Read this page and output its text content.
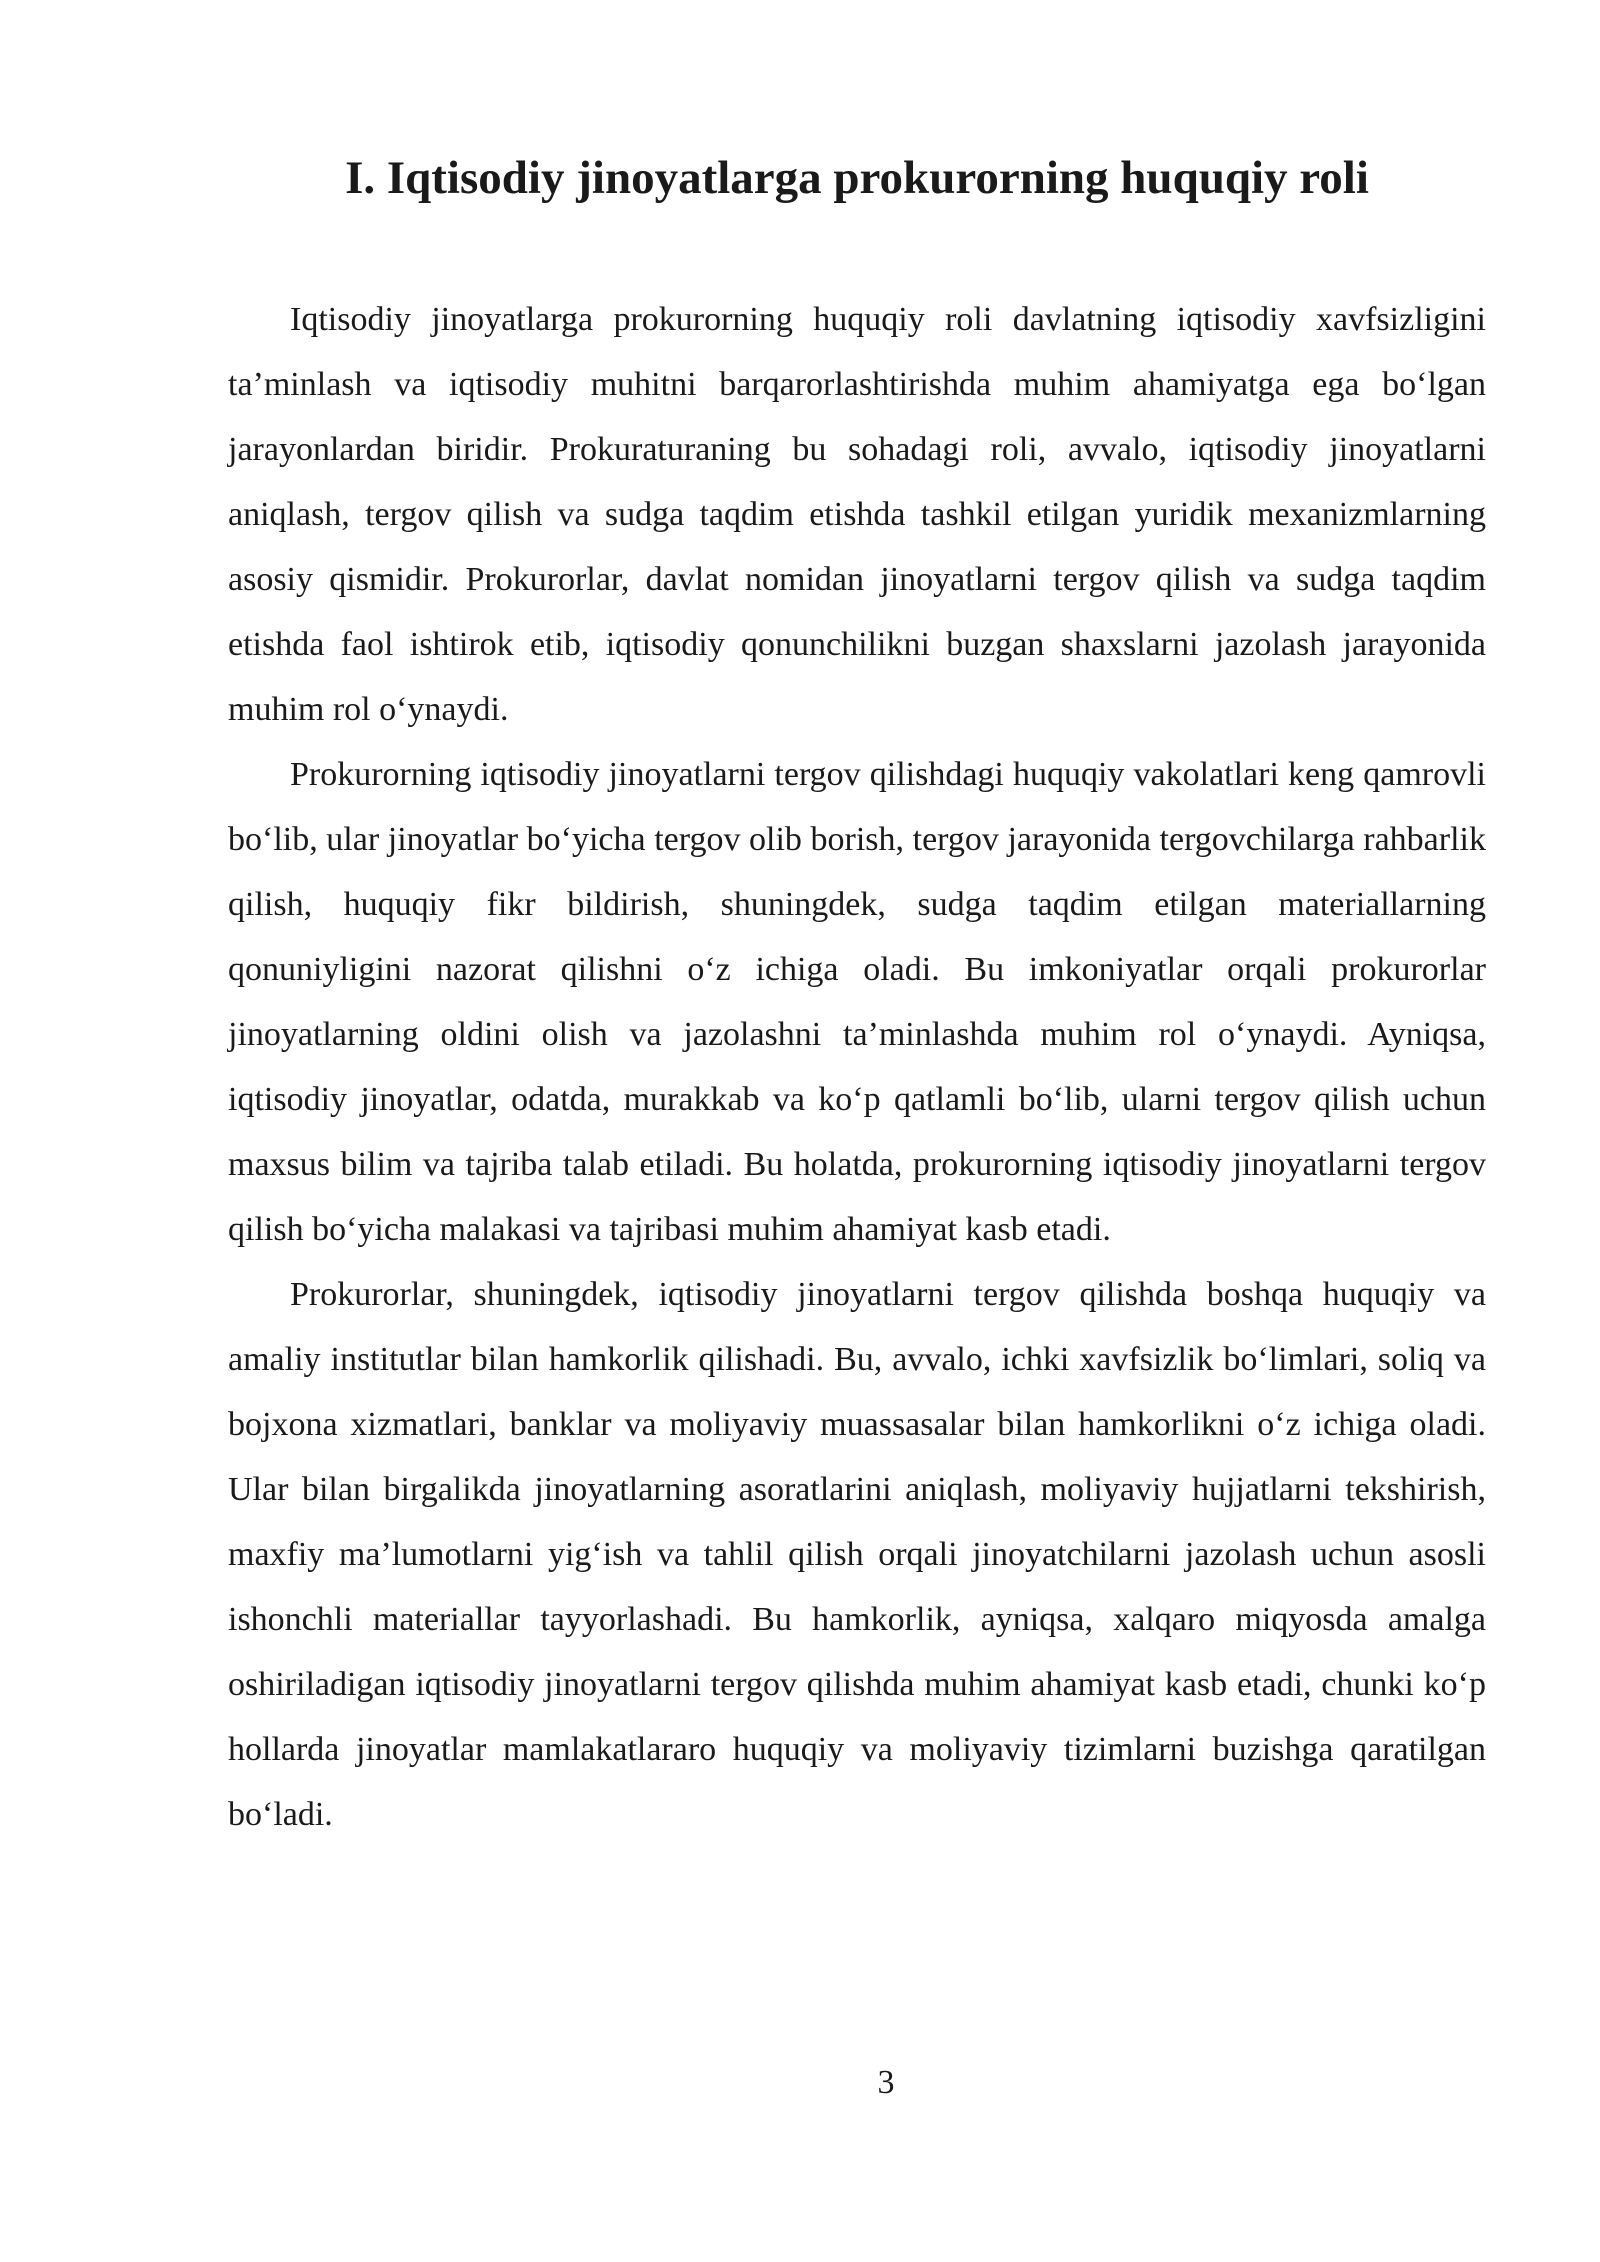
I. Iqtisodiy jinoyatlarga prokurorning huquqiy roli

Iqtisodiy jinoyatlarga prokurorning huquqiy roli davlatning iqtisodiy xavfsizligini ta’minlash va iqtisodiy muhitni barqarorlashtirishda muhim ahamiyatga ega bo‘lgan jarayonlardan biridir. Prokuraturaning bu sohadagi roli, avvalo, iqtisodiy jinoyatlarni aniqlash, tergov qilish va sudga taqdim etishda tashkil etilgan yuridik mexanizmlarning asosiy qismidir. Prokurorlar, davlat nomidan jinoyatlarni tergov qilish va sudga taqdim etishda faol ishtirok etib, iqtisodiy qonunchilikni buzgan shaxslarni jazolash jarayonida muhim rol o‘ynaydi.

Prokurorning iqtisodiy jinoyatlarni tergov qilishdagi huquqiy vakolatlari keng qamrovli bo‘lib, ular jinoyatlar bo‘yicha tergov olib borish, tergov jarayonida tergovchilarga rahbarlik qilish, huquqiy fikr bildirish, shuningdek, sudga taqdim etilgan materiallarning qonuniyligini nazorat qilishni o‘z ichiga oladi. Bu imkoniyatlar orqali prokurorlar jinoyatlarning oldini olish va jazolashni ta’minlashda muhim rol o‘ynaydi. Ayniqsa, iqtisodiy jinoyatlar, odatda, murakkab va ko‘p qatlamli bo‘lib, ularni tergov qilish uchun maxsus bilim va tajriba talab etiladi. Bu holatda, prokurorning iqtisodiy jinoyatlarni tergov qilish bo‘yicha malakasi va tajribasi muhim ahamiyat kasb etadi.

Prokurorlar, shuningdek, iqtisodiy jinoyatlarni tergov qilishda boshqa huquqiy va amaliy institutlar bilan hamkorlik qilishadi. Bu, avvalo, ichki xavfsizlik bo‘limlari, soliq va bojxona xizmatlari, banklar va moliyaviy muassasalar bilan hamkorlikni o‘z ichiga oladi. Ular bilan birgalikda jinoyatlarning asoratlarini aniqlash, moliyaviy hujjatlarni tekshirish, maxfiy ma’lumotlarni yig‘ish va tahlil qilish orqali jinoyatchilarni jazolash uchun asosli ishonchli materiallar tayyorlashadi. Bu hamkorlik, ayniqsa, xalqaro miqyosda amalga oshiriladigan iqtisodiy jinoyatlarni tergov qilishda muhim ahamiyat kasb etadi, chunki ko‘p hollarda jinoyatlar mamlakatlararo huquqiy va moliyaviy tizimlarni buzishga qaratilgan bo‘ladi.

3
